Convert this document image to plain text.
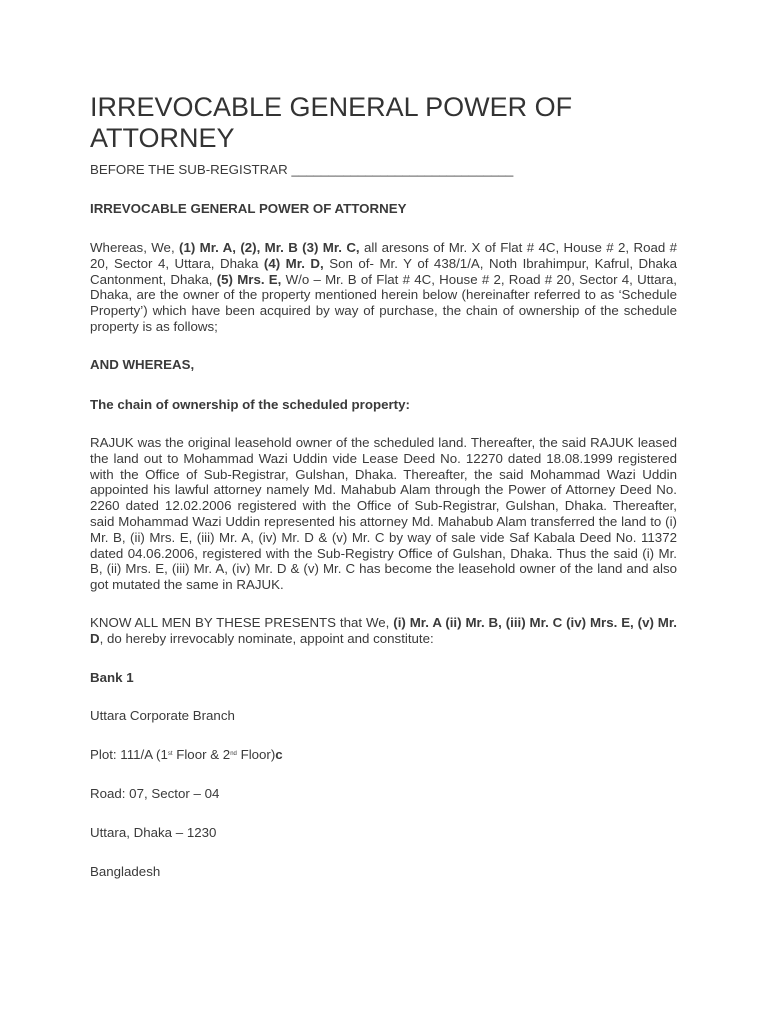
IRREVOCABLE GENERAL POWER OF ATTORNEY

BEFORE THE SUB-REGISTRAR ______________________________

IRREVOCABLE GENERAL POWER OF ATTORNEY

Whereas, We, (1) Mr. A, (2), Mr. B (3) Mr. C, all aresons of Mr. X of Flat # 4C, House # 2, Road # 20, Sector 4, Uttara, Dhaka (4) Mr. D, Son of- Mr. Y of 438/1/A, Noth Ibrahimpur, Kafrul, Dhaka Cantonment, Dhaka, (5) Mrs. E, W/o – Mr. B of Flat # 4C, House # 2, Road # 20, Sector 4, Uttara, Dhaka, are the owner of the property mentioned herein below (hereinafter referred to as ‘Schedule Property’) which have been acquired by way of purchase, the chain of ownership of the schedule property is as follows;

AND WHEREAS,

The chain of ownership of the scheduled property:

RAJUK was the original leasehold owner of the scheduled land. Thereafter, the said RAJUK leased the land out to Mohammad Wazi Uddin vide Lease Deed No. 12270 dated 18.08.1999 registered with the Office of Sub-Registrar, Gulshan, Dhaka. Thereafter, the said Mohammad Wazi Uddin appointed his lawful attorney namely Md. Mahabub Alam through the Power of Attorney Deed No. 2260 dated 12.02.2006 registered with the Office of Sub-Registrar, Gulshan, Dhaka. Thereafter, said Mohammad Wazi Uddin represented his attorney Md. Mahabub Alam transferred the land to (i) Mr. B, (ii) Mrs. E, (iii) Mr. A, (iv) Mr. D & (v) Mr. C by way of sale vide Saf Kabala Deed No. 11372 dated 04.06.2006, registered with the Sub-Registry Office of Gulshan, Dhaka. Thus the said (i) Mr. B, (ii) Mrs. E, (iii) Mr. A, (iv) Mr. D & (v) Mr. C has become the leasehold owner of the land and also got mutated the same in RAJUK.

KNOW ALL MEN BY THESE PRESENTS that We, (i) Mr. A (ii) Mr. B, (iii) Mr. C (iv) Mrs. E, (v) Mr. D, do hereby irrevocably nominate, appoint and constitute:

Bank 1

Uttara Corporate Branch

Plot: 111/A (1st Floor & 2nd Floor)c

Road: 07, Sector – 04

Uttara, Dhaka – 1230

Bangladesh
